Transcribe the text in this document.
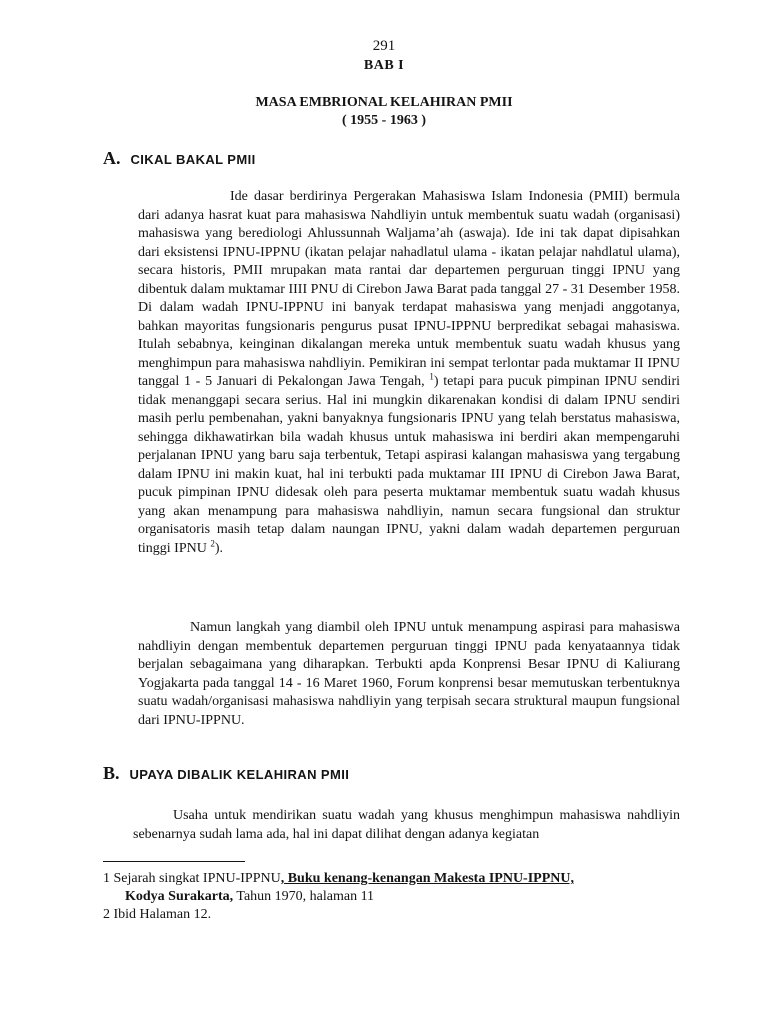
291
BAB I
MASA EMBRIONAL KELAHIRAN PMII
( 1955 - 1963 )
A. CIKAL BAKAL PMII

Ide dasar berdirinya Pergerakan Mahasiswa Islam Indonesia (PMII) bermula dari adanya hasrat kuat para mahasiswa Nahdliyin untuk membentuk suatu wadah (organisasi) mahasiswa yang berediologi Ahlussunnah Waljama’ah (aswaja). Ide ini tak dapat dipisahkan dari eksistensi IPNU-IPPNU (ikatan pelajar nahadlatul ulama - ikatan pelajar nahdlatul ulama), secara historis, PMII mrupakan mata rantai dar departemen perguruan tinggi IPNU yang dibentuk dalam muktamar IIII PNU di Cirebon Jawa Barat pada tanggal 27 - 31 Desember 1958. Di dalam wadah IPNU-IPPNU ini banyak terdapat mahasiswa yang menjadi anggotanya, bahkan mayoritas fungsionaris pengurus pusat IPNU-IPPNU berpredikat sebagai mahasiswa. Itulah sebabnya, keinginan dikalangan mereka untuk membentuk suatu wadah khusus yang menghimpun para mahasiswa nahdliyin. Pemikiran ini sempat terlontar pada muktamar II IPNU tanggal 1 - 5 Januari di Pekalongan Jawa Tengah, $^1$) tetapi para pucuk pimpinan IPNU sendiri tidak menanggapi secara serius. Hal ini mungkin dikarenakan kondisi di dalam IPNU sendiri masih perlu pembenahan, yakni banyaknya fungsionaris IPNU yang telah berstatus mahasiswa, sehingga dikhawatirkan bila wadah khusus untuk mahasiswa ini berdiri akan mempengaruhi perjalanan IPNU yang baru saja terbentuk, Tetapi aspirasi kalangan mahasiswa yang tergabung dalam IPNU ini makin kuat, hal ini terbukti pada muktamar III IPNU di Cirebon Jawa Barat, pucuk pimpinan IPNU didesak oleh para peserta muktamar membentuk suatu wadah khusus yang akan menampung para mahasiswa nahdliyin, namun secara fungsional dan struktur organisatoris masih tetap dalam naungan IPNU, yakni dalam wadah departemen perguruan tinggi IPNU $^2$).

Namun langkah yang diambil oleh IPNU untuk menampung aspirasi para mahasiswa nahdliyin dengan membentuk departemen perguruan tinggi IPNU pada kenyataannya tidak berjalan sebagaimana yang diharapkan. Terbukti apda Konprensi Besar IPNU di Kaliurang Yogjakarta pada tanggal 14 - 16 Maret 1960, Forum konprensi besar memutuskan terbentuknya suatu wadah/organisasi mahasiswa nahdliyin yang terpisah secara struktural maupun fungsional dari IPNU-IPPNU.

B. UPAYA DIBALIK KELAHIRAN PMII

Usaha untuk mendirikan suatu wadah yang khusus menghimpun mahasiswa nahdliyin sebenarnya sudah lama ada, hal ini dapat dilihat dengan adanya kegiatan

1 Sejarah singkat IPNU-IPPNU, Buku kenang-kenangan Makesta IPNU-IPPNU,
Kodya Surakarta, Tahun 1970, halaman 11

2 Ibid Halaman 12.
